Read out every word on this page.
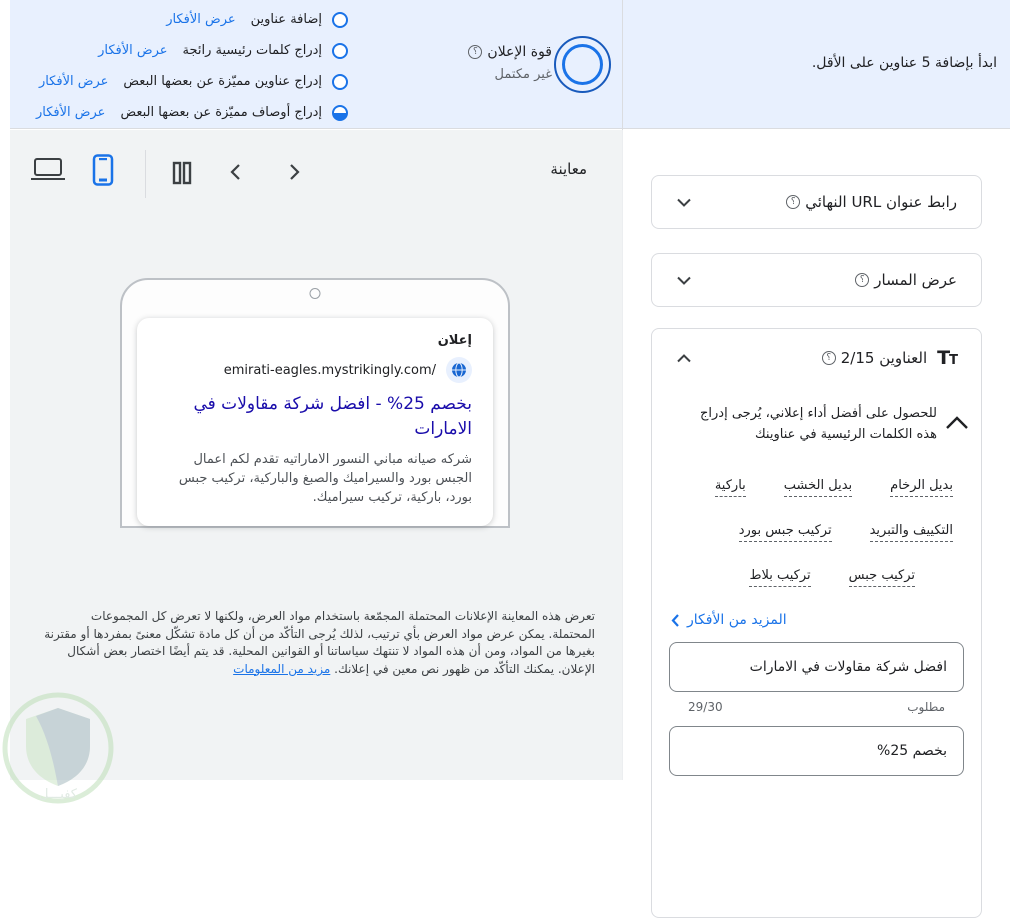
ابدأ بإضافة 5 عناوين على الأقل.
قوة الإعلان؟
غير مكتمل
إضافة عناوين
عرض الأفكار
إدراج كلمات رئيسية رائجة
عرض الأفكار
إدراج عناوين مميّزة عن بعضها البعض
عرض الأفكار
إدراج أوصاف مميّزة عن بعضها البعض
عرض الأفكار
معاينة
إعلان
emirati-eagles.mystrikingly.com/
بخصم 25% - افضل شركة مقاولات في الامارات
شركه صيانه مباني النسور الاماراتيه تقدم لكم اعمال الجبس بورد والسيراميك والصبغ والباركية، تركيب جبس بورد، باركية، تركيب سيراميك.
تعرض هذه المعاينة الإعلانات المحتملة المجمّعة باستخدام مواد العرض، ولكنها لا تعرض كل المجموعات المحتملة. يمكن عرض مواد العرض بأي ترتيب، لذلك يُرجى التأكّد من أن كل مادة تشكّل معنىً بمفردها أو مقترنة بغيرها من المواد، ومن أن هذه المواد لا تنتهك سياساتنا أو القوانين المحلية. قد يتم أيضًا اختصار بعض أشكال الإعلان. يمكنك التأكّد من ظهور نص معين في إعلانك. مزيد من المعلومات
كفيـــل
رابط عنوان URL النهائي
؟
عرض المسار
؟
TT
العناوين 2/15
؟
للحصول على أفضل أداء إعلاني، يُرجى إدراج هذه الكلمات الرئيسية في عناوينك
بديل الرخام
بديل الخشب
باركية
التكييف والتبريد
تركيب جبس بورد
تركيب جبس
تركيب بلاط
المزيد من الأفكار
افضل شركة مقاولات في الامارات
مطلوب
29/30
بخصم 25%
